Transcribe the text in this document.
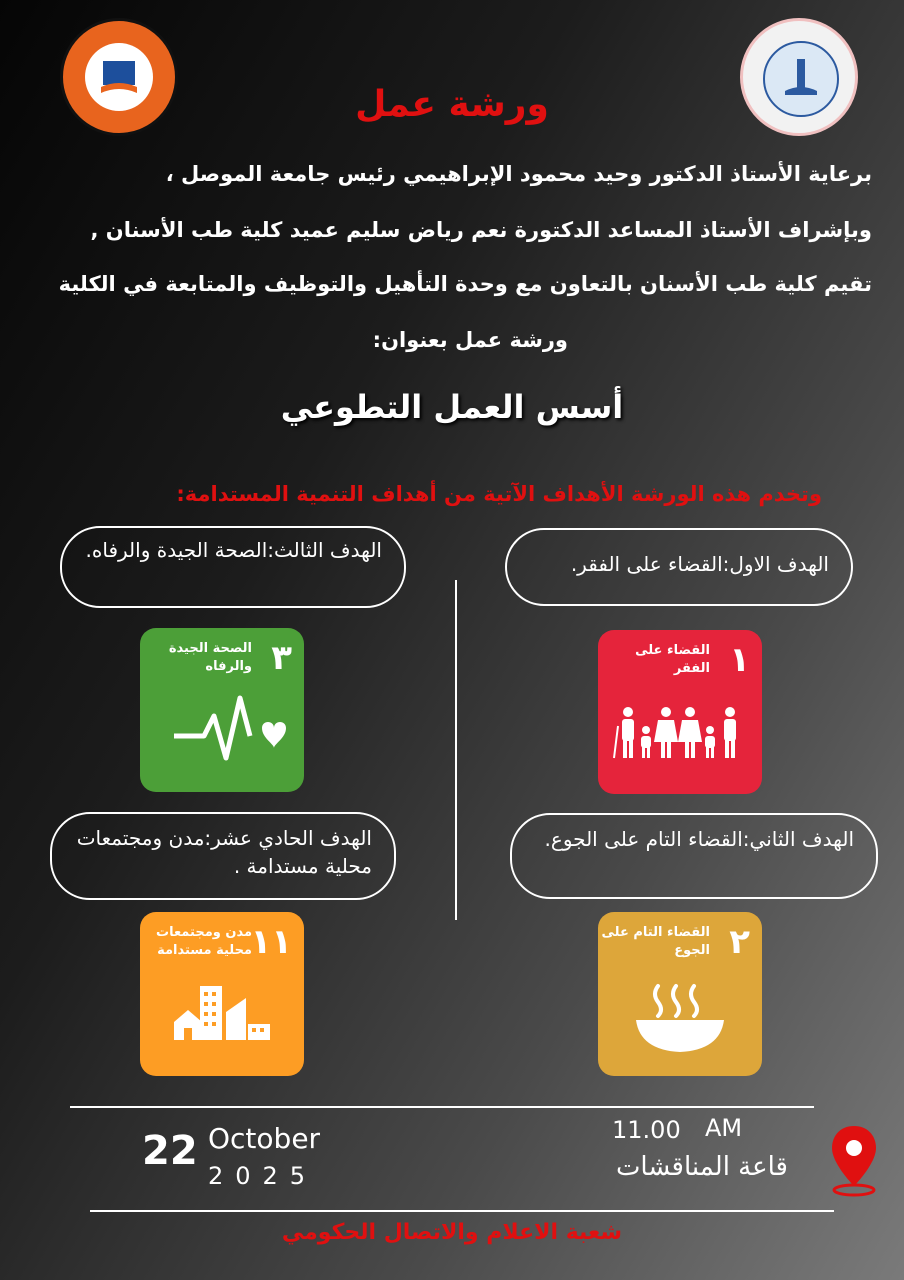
ورشة عمل
برعاية الأستاذ الدكتور وحيد محمود الإبراهيمي رئيس جامعة الموصل ،
وبإشراف الأستاذ المساعد الدكتورة نعم رياض سليم عميد كلية طب الأسنان ,
تقيم كلية طب الأسنان بالتعاون مع وحدة التأهيل والتوظيف والمتابعة في الكلية
ورشة عمل بعنوان:
أسس العمل التطوعي
وتخدم هذه الورشة الأهداف الآتية من أهداف التنمية المستدامة:
الهدف الاول:القضاء على الفقر.
الهدف الثالث:الصحة الجيدة والرفاه.
الهدف الثاني:القضاء التام على الجوع.
الهدف الحادي عشر:مدن ومجتمعات محلية مستدامة .
١
القضاء على الفقر
٣
الصحة الجيدة والرفاه
٢
القضاء التام على الجوع
١١
مدن ومجتمعات محلية مستدامة
22 October
2025
11.00 AM
قاعة المناقشات
شعبة الاعلام والاتصال الحكومي
